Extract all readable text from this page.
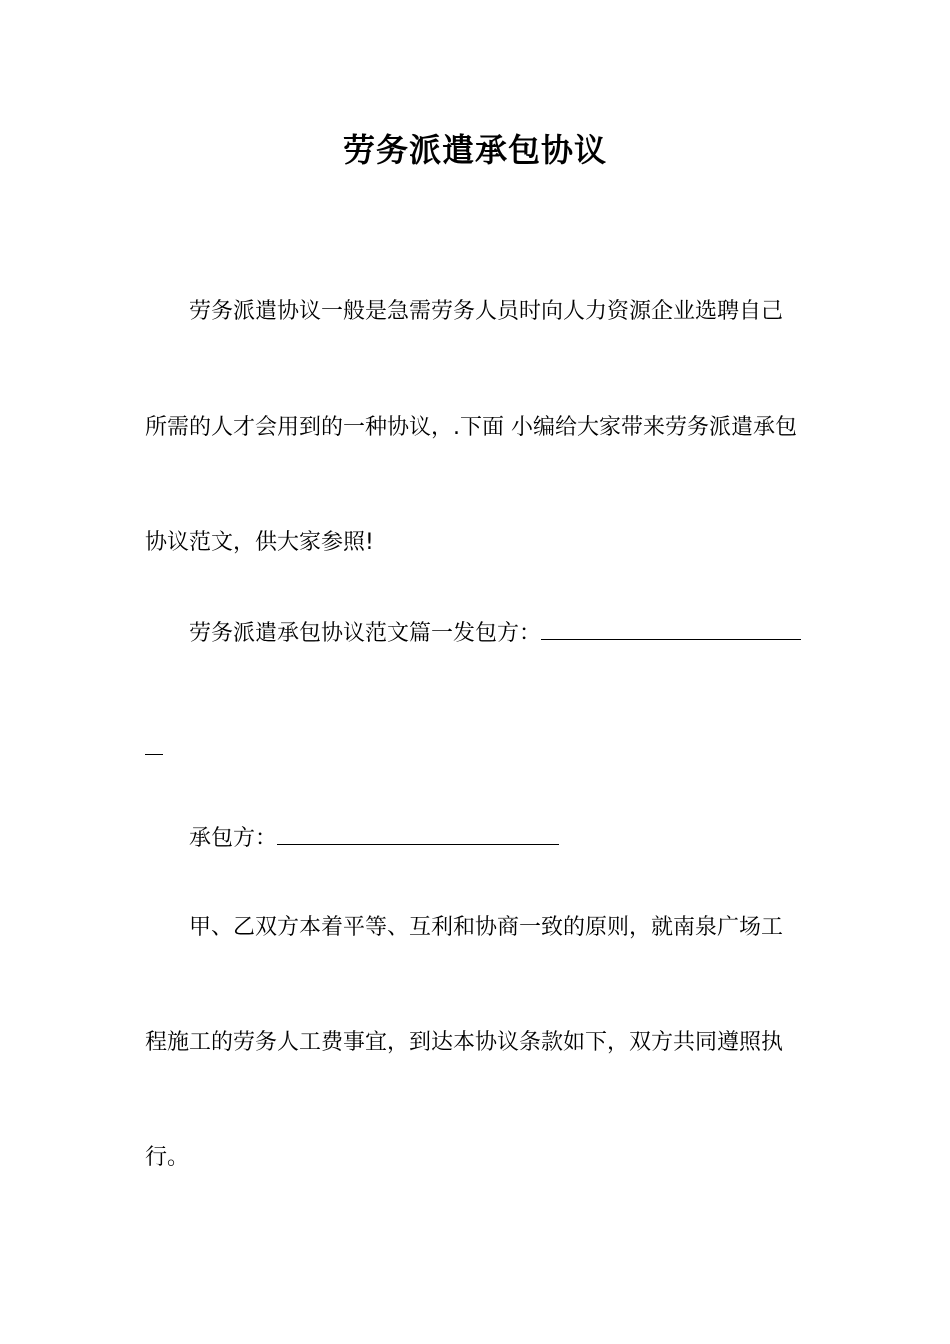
劳务派遣承包协议
劳务派遣协议一般是急需劳务人员时向人力资源企业选聘自己
所需的人才会用到的一种协议，.下面 小编给大家带来劳务派遣承包
协议范文，供大家参照!
劳务派遣承包协议范文篇一发包方：
承包方：
甲、乙双方本着平等、互利和协商一致的原则，就南泉广场工
程施工的劳务人工费事宜，到达本协议条款如下，双方共同遵照执
行。
